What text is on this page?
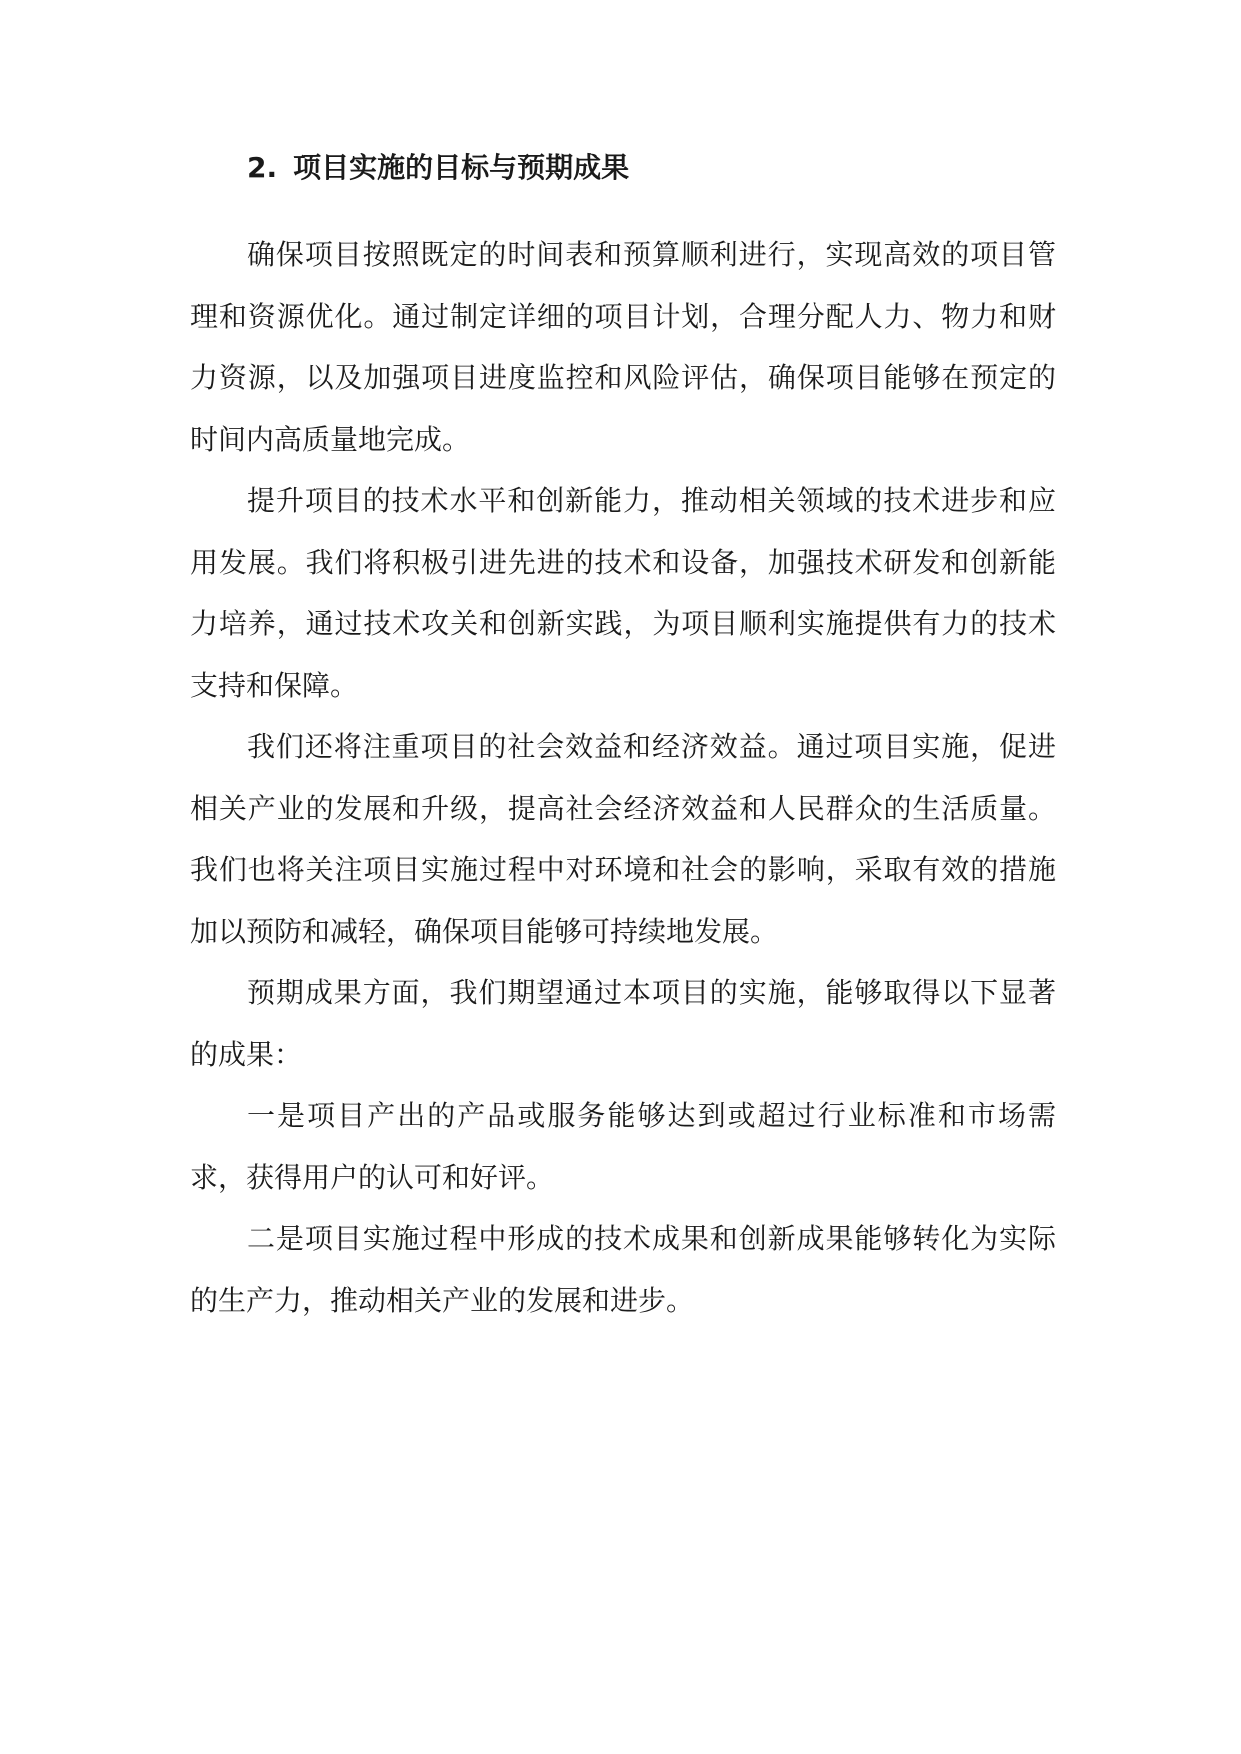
2. 项目实施的目标与预期成果

确保项目按照既定的时间表和预算顺利进行，实现高效的项目管理和资源优化。通过制定详细的项目计划，合理分配人力、物力和财力资源，以及加强项目进度监控和风险评估，确保项目能够在预定的时间内高质量地完成。

提升项目的技术水平和创新能力，推动相关领域的技术进步和应用发展。我们将积极引进先进的技术和设备，加强技术研发和创新能力培养，通过技术攻关和创新实践，为项目顺利实施提供有力的技术支持和保障。

我们还将注重项目的社会效益和经济效益。通过项目实施，促进相关产业的发展和升级，提高社会经济效益和人民群众的生活质量。我们也将关注项目实施过程中对环境和社会的影响，采取有效的措施加以预防和减轻，确保项目能够可持续地发展。

预期成果方面，我们期望通过本项目的实施，能够取得以下显著的成果：

一是项目产出的产品或服务能够达到或超过行业标准和市场需求，获得用户的认可和好评。

二是项目实施过程中形成的技术成果和创新成果能够转化为实际的生产力，推动相关产业的发展和进步。
